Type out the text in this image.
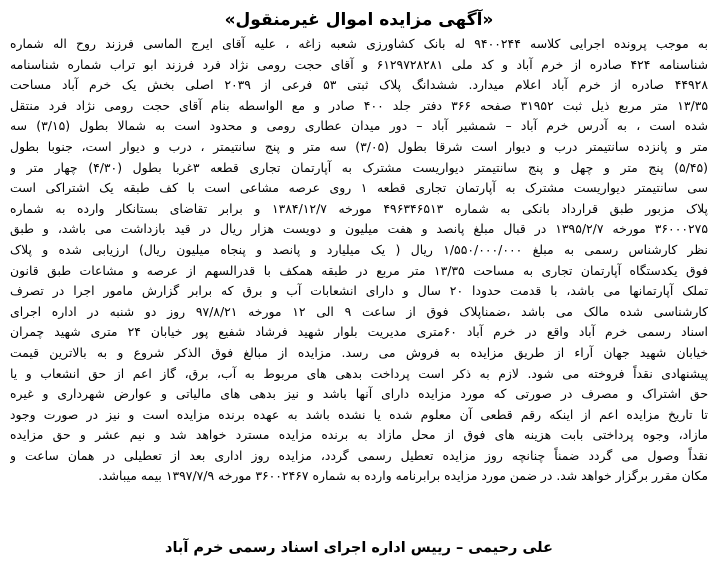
«آگهی مزایده اموال غیرمنقول»
به موجب پرونده اجرایی کلاسه ۹۴۰۰۲۴۴ له بانک کشاورزی شعبه زاغه ، علیه آقای ایرج الماسی فرزند روح اله شماره
شناسنامه ۴۲۴ صادره از خرم آباد و کد ملی ۶۱۲۹۷۲۸۲۸۱ و آقای حجت رومی نژاد فرد فرزند ابو تراب شماره شناسنامه
۴۴۹۲۸ صادره از خرم آباد اعلام میدارد. ششدانگ پلاک ثبتی ۵۳ فرعی از ۲۰۳۹ اصلی بخش یک خرم آباد مساحت
۱۳/۳۵ متر مربع ذیل ثبت ۳۱۹۵۲ صفحه ۳۶۶ دفتر جلد ۴۰۰ صادر و مع الواسطه بنام آقای حجت رومی نژاد فرد منتقل
شده است ، به آدرس خرم آباد – شمشیر آباد – دور میدان عطاری رومی و محدود است به شمالا بطول (۳/۱۵) سه
متر و پانزده سانتیمتر درب و دیوار است شرقا بطول (۳/۰۵) سه متر و پنج سانتیمتر ، درب و دیوار است، جنوبا بطول
(۵/۴۵) پنج متر و چهل و پنج سانتیمتر دیواریست مشترک به آپارتمان تجاری قطعه ۳غربا بطول (۴/۳۰) چهار متر و
سی سانتیمتر دیواریست مشترک به آپارتمان تجاری قطعه ۱ روی عرصه مشاعی است با کف طبقه یک اشتراکی است
پلاک مزبور طبق قرارداد بانکی به شماره ۴۹۶۳۴۶۵۱۳ مورخه ۱۳۸۴/۱۲/۷ و برابر تقاضای بستانکار وارده به شماره
۳۶۰۰۰۲۷۵ مورخه ۱۳۹۵/۲/۷ در قبال مبلغ پانصد و هفت میلیون و دویست هزار ریال در قید بازداشت می باشد، و طبق
نظر کارشناس رسمی به مبلغ ۱/۵۵۰/۰۰۰/۰۰۰ ریال ( یک میلیارد و پانصد و پنجاه میلیون ریال) ارزیابی شده و پلاک
فوق یکدستگاه آپارتمان تجاری به مساحت ۱۳/۳۵ متر مربع در طبقه همکف با قدرالسهم از عرصه و مشاعات طبق قانون
تملک آپارتمانها می باشد، با قدمت حدودا ۲۰ سال و دارای انشعابات آب و برق که برابر گزارش مامور اجرا در تصرف
کارشناسی شده مالک می باشد ،ضمناپلاک فوق از ساعت ۹ الی ۱۲ مورخه ۹۷/۸/۲۱ روز دو شنبه در اداره اجرای
اسناد رسمی خرم آباد واقع در خرم آباد ۶۰متری مدیریت بلوار شهید فرشاد شفیع پور خیابان ۲۴ متری شهید چمران
خیابان شهید جهان آراء از طریق مزایده به فروش می رسد. مزایده از مبالغ فوق الذکر شروع و به بالاترین قیمت
پیشنهادی نقداً فروخته می شود. لازم به ذکر است پرداخت بدهی های مربوط به آب، برق، گاز اعم از حق انشعاب و یا
حق اشتراک و مصرف در صورتی که مورد مزایده دارای آنها باشد و نیز بدهی های مالیاتی و عوارض شهرداری و غیره
تا تاریخ مزایده اعم از اینکه رقم قطعی آن معلوم شده یا نشده باشد به عهده برنده مزایده است و نیز در صورت وجود
مازاد، وجوه پرداختی بابت هزینه های فوق از محل مازاد به برنده مزایده مسترد خواهد شد و نیم عشر و حق مزایده
نقداً وصول می گردد ضمناً چنانچه روز مزایده تعطیل رسمی گردد، مزایده روز اداری بعد از تعطیلی در همان ساعت و
مکان مقرر برگزار خواهد شد. در ضمن مورد مزایده برابرنامه وارده به شماره ۳۶۰۰۲۴۶۷ مورخه ۱۳۹۷/۷/۹ بیمه میباشد.
علی رحیمی – رییس اداره اجرای اسناد رسمی خرم آباد
